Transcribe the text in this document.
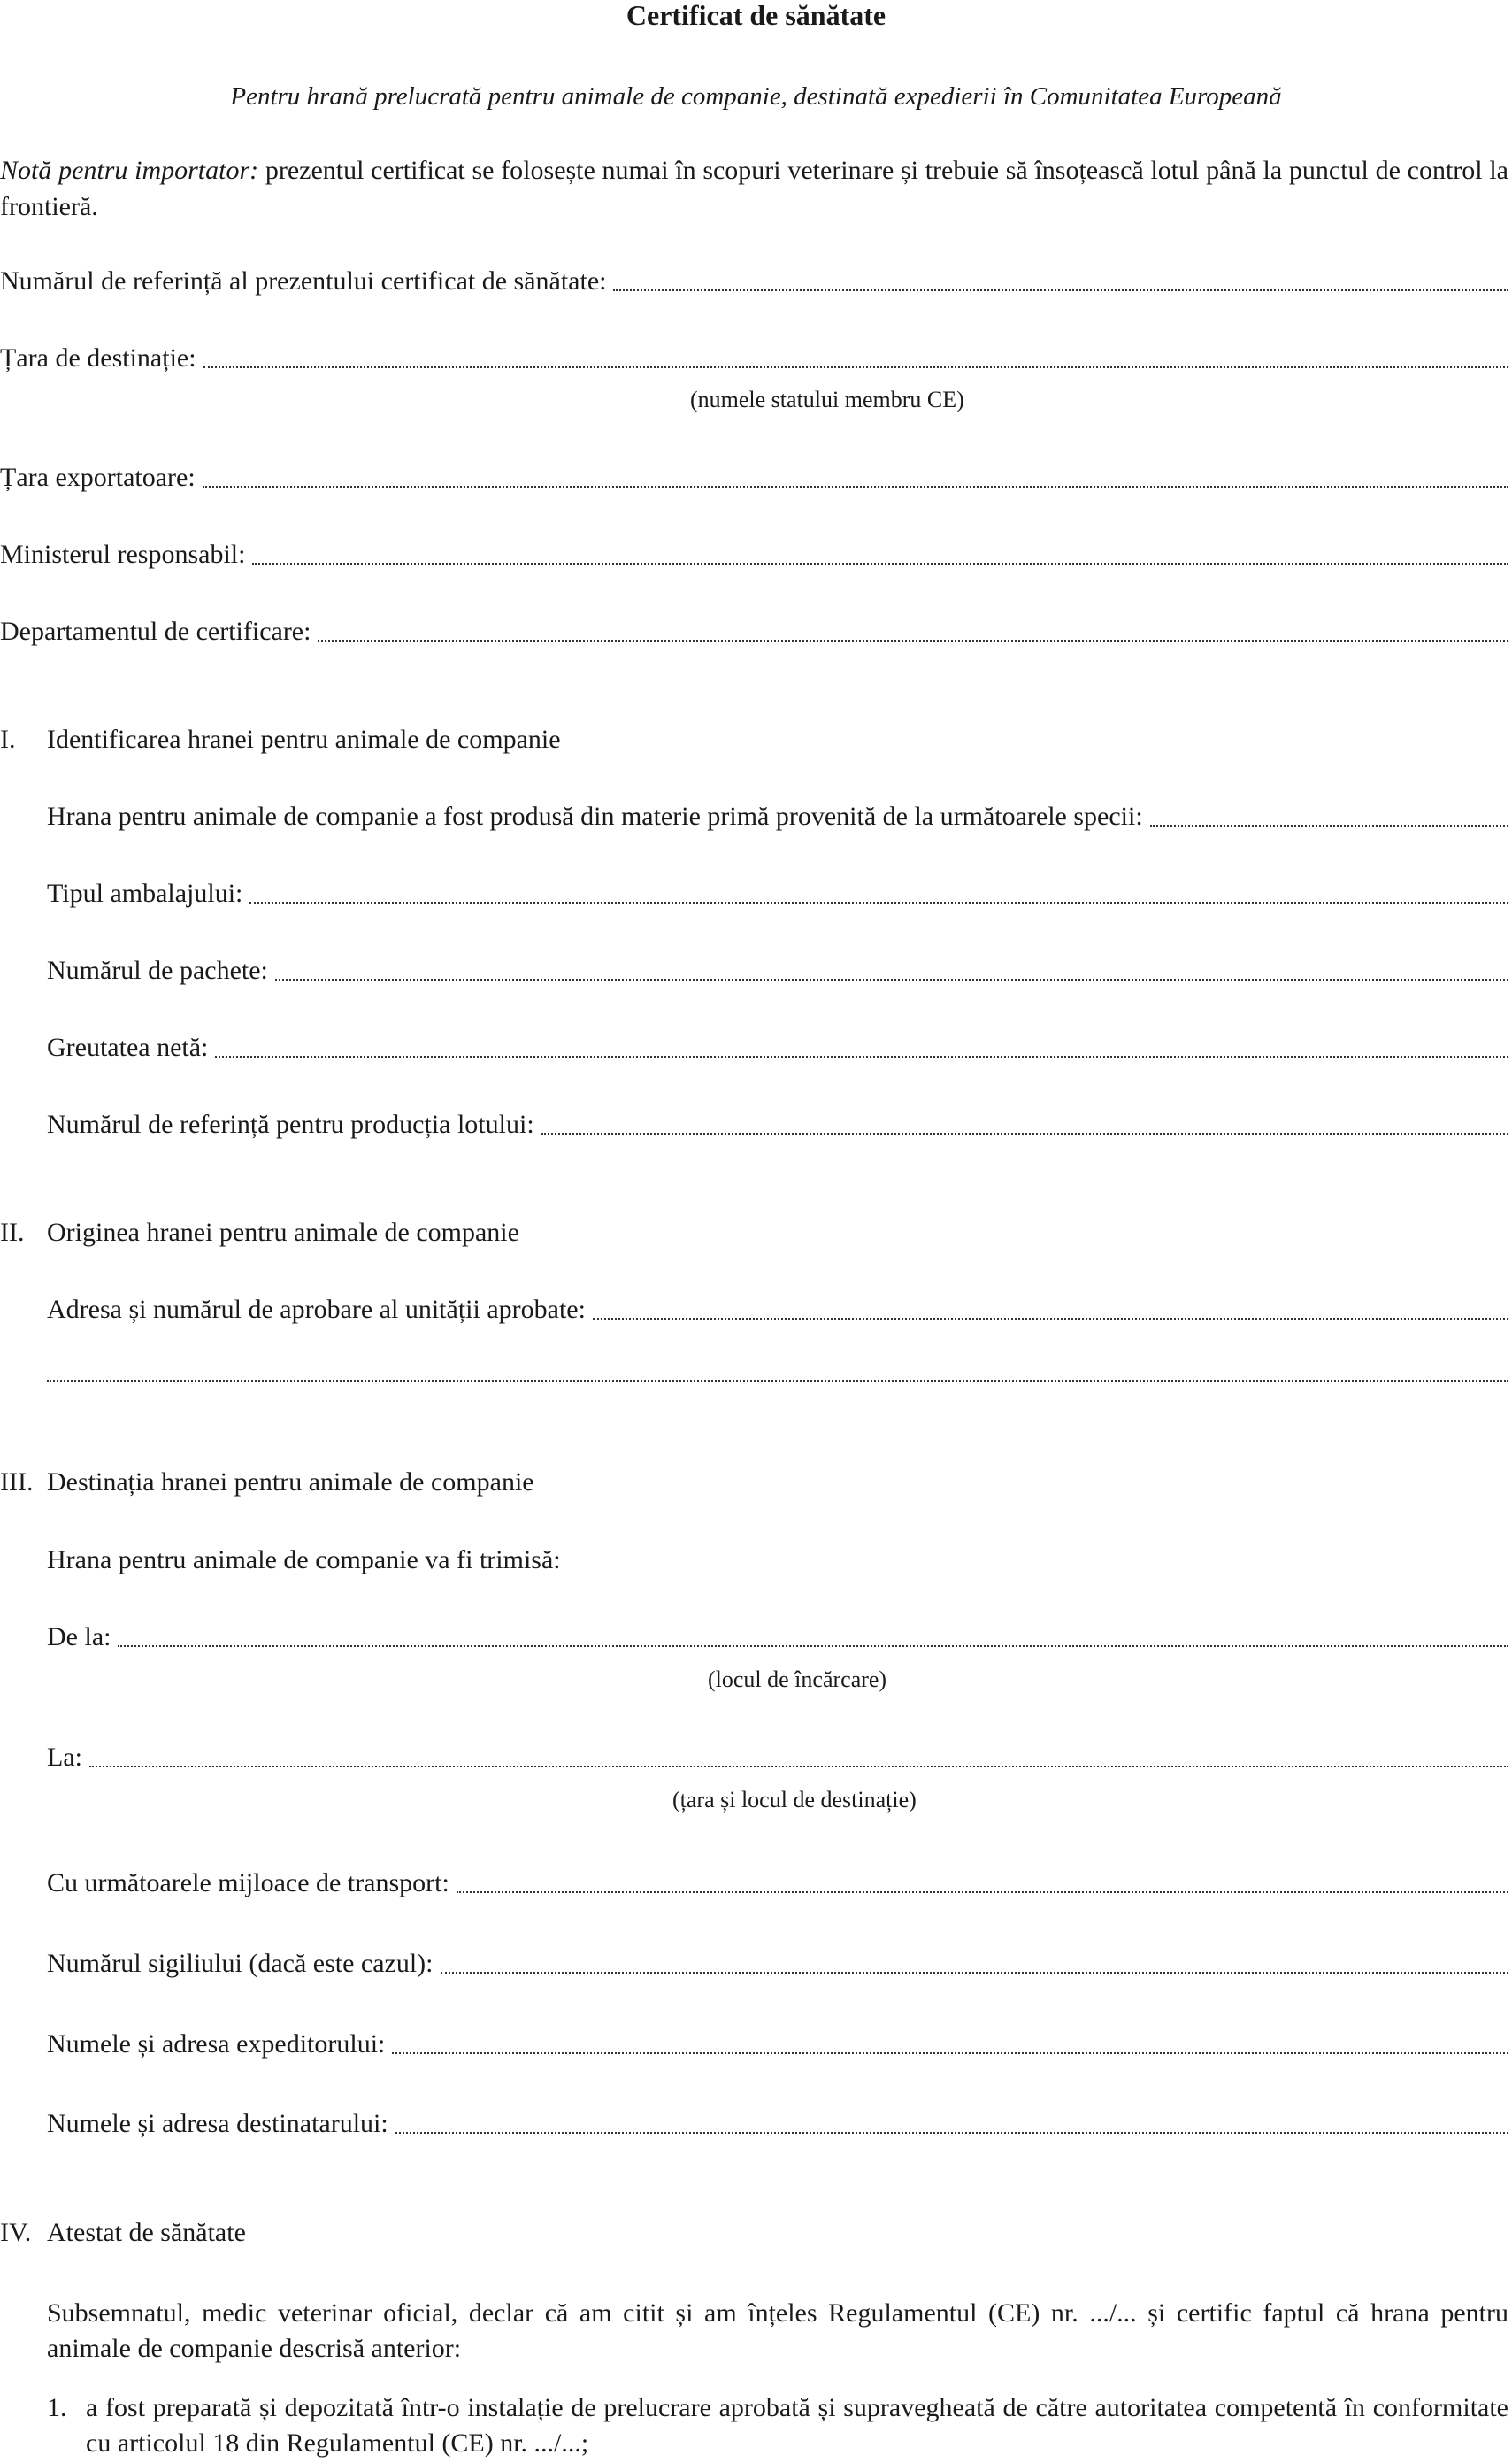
Certificat de sănătate
Pentru hrană prelucrată pentru animale de companie, destinată expedierii în Comunitatea Europeană
Notă pentru importator: prezentul certificat se folosește numai în scopuri veterinare și trebuie să însoțească lotul până la punctul de control la frontieră.
Numărul de referință al prezentului certificat de sănătate:
Țara de destinație:
(numele statului membru CE)
Țara exportatoare:
Ministerul responsabil:
Departamentul de certificare:
I. Identificarea hranei pentru animale de companie
Hrana pentru animale de companie a fost produsă din materie primă provenită de la următoarele specii:
Tipul ambalajului:
Numărul de pachete:
Greutatea netă:
Numărul de referință pentru producția lotului:
II. Originea hranei pentru animale de companie
Adresa și numărul de aprobare al unității aprobate:
III. Destinația hranei pentru animale de companie
Hrana pentru animale de companie va fi trimisă:
De la:
(locul de încărcare)
La:
(țara și locul de destinație)
Cu următoarele mijloace de transport:
Numărul sigiliului (dacă este cazul):
Numele și adresa expeditorului:
Numele și adresa destinatarului:
IV. Atestat de sănătate
Subsemnatul, medic veterinar oficial, declar că am citit și am înțeles Regulamentul (CE) nr. .../... și certific faptul că hrana pentru animale de companie descrisă anterior:
1. a fost preparată și depozitată într-o instalație de prelucrare aprobată și supravegheată de către autoritatea competentă în conformitate cu articolul 18 din Regulamentul (CE) nr. .../...;
